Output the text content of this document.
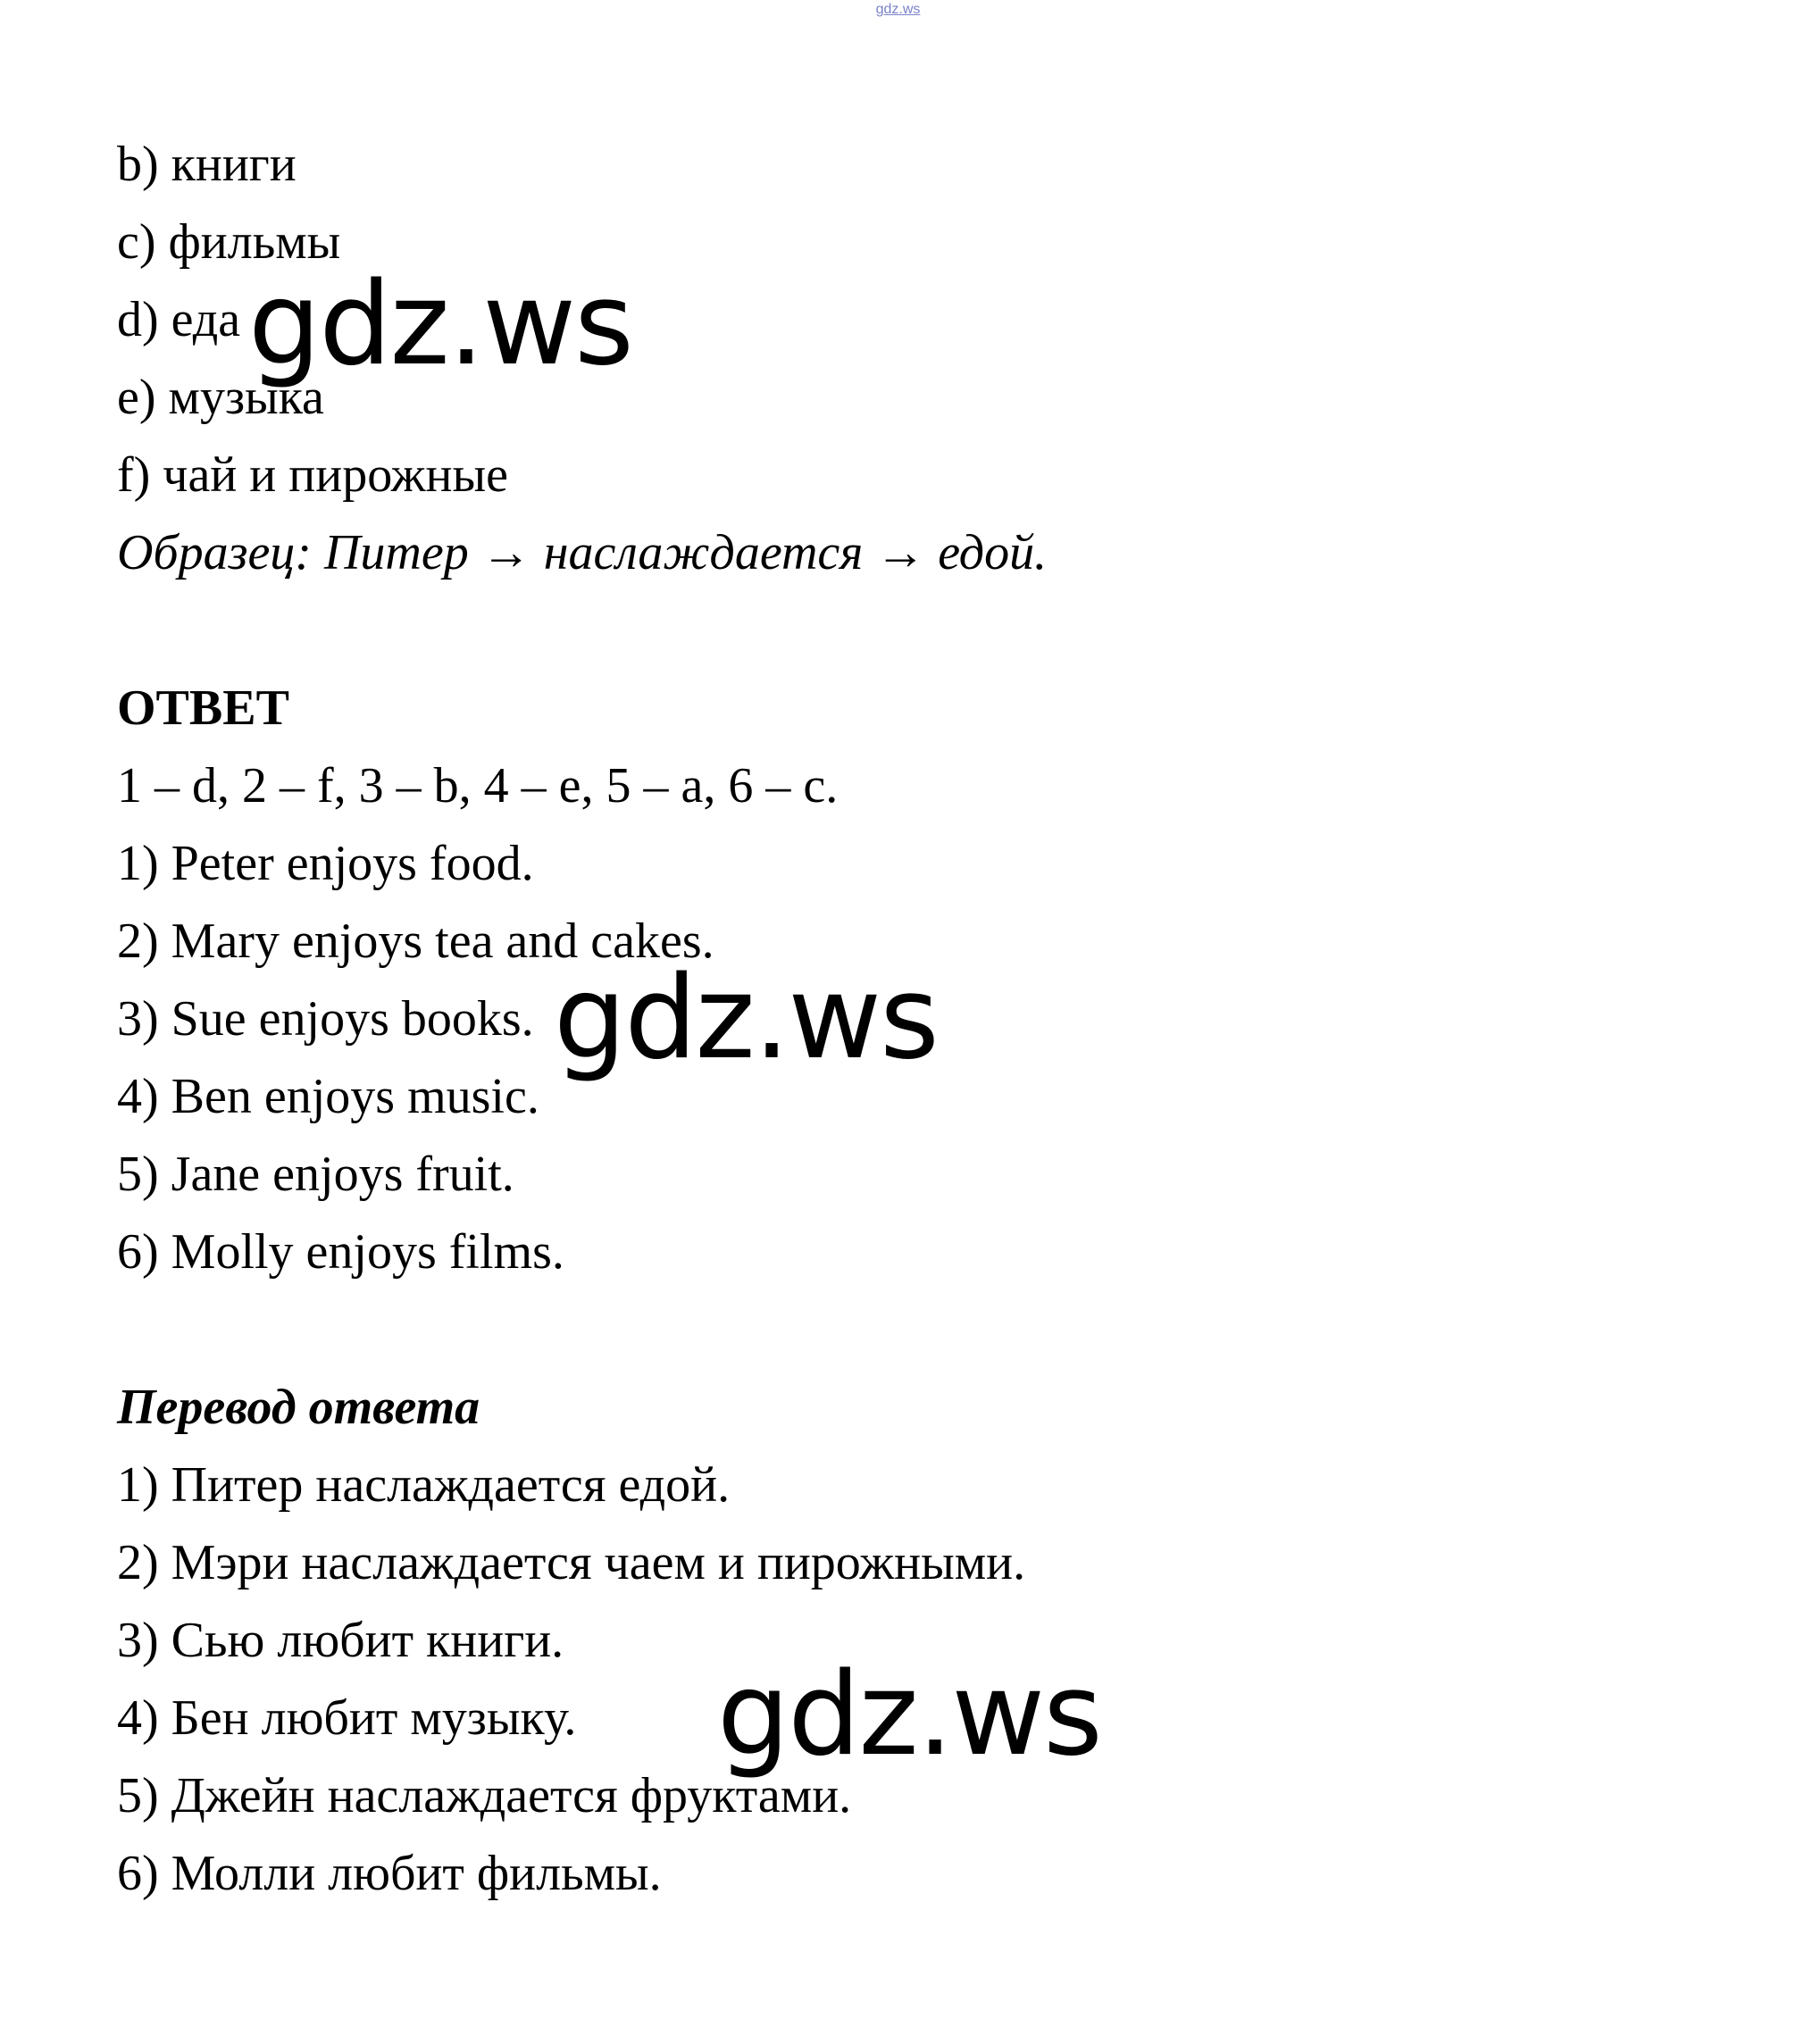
gdz.ws
b) книги
c) фильмы
d) еда
e) музыка
f) чай и пирожные
Образец: Питер → наслаждается → едой.
ОТВЕТ
1 – d, 2 – f, 3 – b, 4 – e, 5 – a, 6 – c.
1) Peter enjoys food.
2) Mary enjoys tea and cakes.
3) Sue enjoys books.
4) Ben enjoys music.
5) Jane enjoys fruit.
6) Molly enjoys films.
Перевод ответа
1) Питер наслаждается едой.
2) Мэри наслаждается чаем и пирожными.
3) Сью любит книги.
4) Бен любит музыку.
5) Джейн наслаждается фруктами.
6) Молли любит фильмы.
gdz.ws
gdz.ws
gdz.ws
